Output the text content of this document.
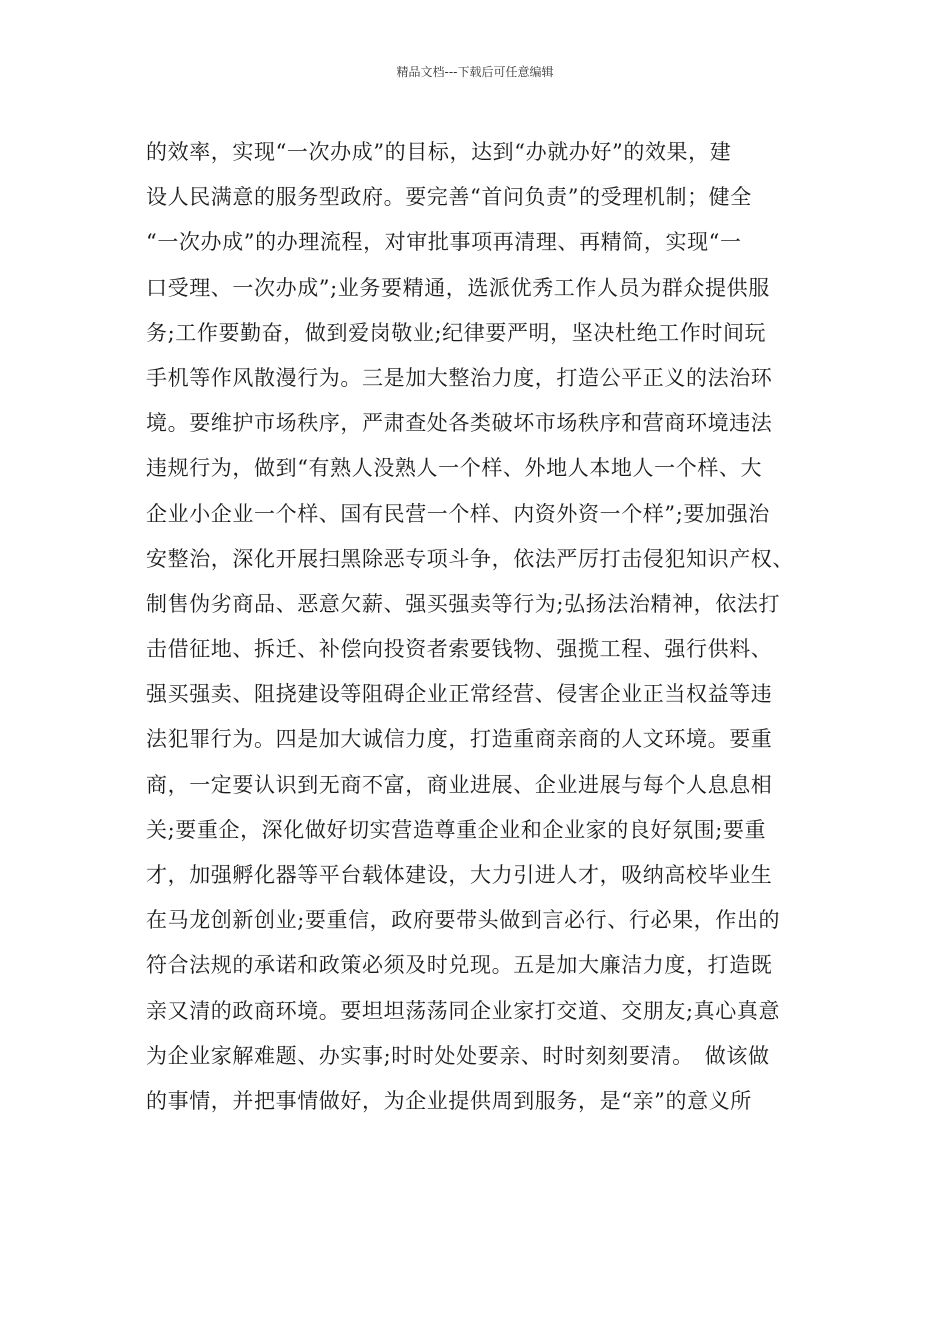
精品文档---下载后可任意编辑
的效率，实现“一次办成”的目标，达到“办就办好”的效果，建
设人民满意的服务型政府。要完善“首问负责”的受理机制；健全
“一次办成”的办理流程，对审批事项再清理、再精简，实现“一
口受理、一次办成”;业务要精通，选派优秀工作人员为群众提供服
务;工作要勤奋，做到爱岗敬业;纪律要严明，坚决杜绝工作时间玩
手机等作风散漫行为。三是加大整治力度，打造公平正义的法治环
境。要维护市场秩序，严肃查处各类破坏市场秩序和营商环境违法
违规行为，做到“有熟人没熟人一个样、外地人本地人一个样、大
企业小企业一个样、国有民营一个样、内资外资一个样”;要加强治
安整治，深化开展扫黑除恶专项斗争，依法严厉打击侵犯知识产权、
制售伪劣商品、恶意欠薪、强买强卖等行为;弘扬法治精神，依法打
击借征地、拆迁、补偿向投资者索要钱物、强揽工程、强行供料、
强买强卖、阻挠建设等阻碍企业正常经营、侵害企业正当权益等违
法犯罪行为。四是加大诚信力度，打造重商亲商的人文环境。要重
商，一定要认识到无商不富，商业进展、企业进展与每个人息息相
关;要重企，深化做好切实营造尊重企业和企业家的良好氛围;要重
才，加强孵化器等平台载体建设，大力引进人才，吸纳高校毕业生
在马龙创新创业;要重信，政府要带头做到言必行、行必果，作出的
符合法规的承诺和政策必须及时兑现。五是加大廉洁力度，打造既
亲又清的政商环境。要坦坦荡荡同企业家打交道、交朋友;真心真意
为企业家解难题、办实事;时时处处要亲、时时刻刻要清。　做该做
的事情，并把事情做好，为企业提供周到服务，是“亲”的意义所
